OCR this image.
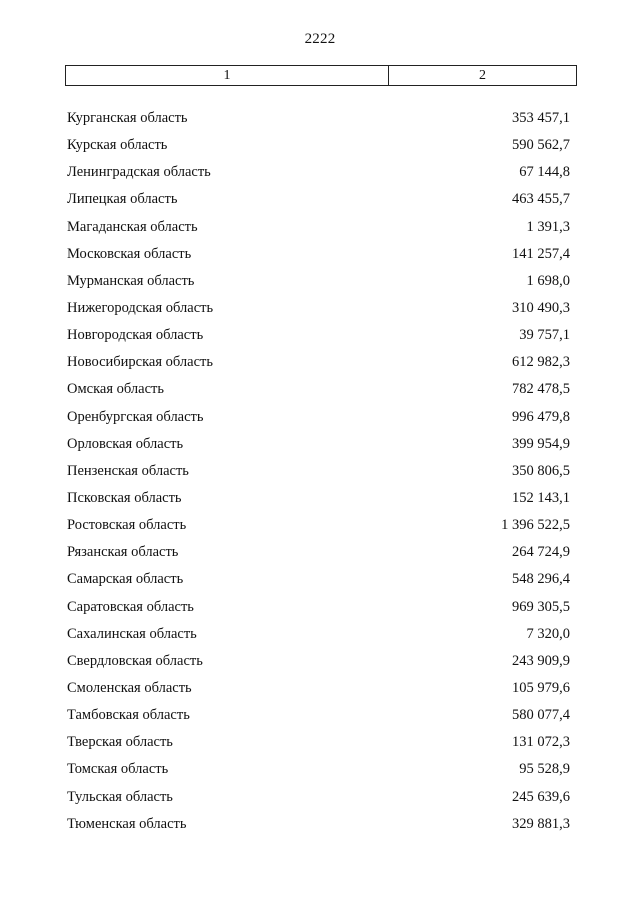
2222
1	2
Курганская область	353 457,1
Курская область	590 562,7
Ленинградская область	67 144,8
Липецкая область	463 455,7
Магаданская область	1 391,3
Московская область	141 257,4
Мурманская область	1 698,0
Нижегородская область	310 490,3
Новгородская область	39 757,1
Новосибирская область	612 982,3
Омская область	782 478,5
Оренбургская область	996 479,8
Орловская область	399 954,9
Пензенская область	350 806,5
Псковская область	152 143,1
Ростовская область	1 396 522,5
Рязанская область	264 724,9
Самарская область	548 296,4
Саратовская область	969 305,5
Сахалинская область	7 320,0
Свердловская область	243 909,9
Смоленская область	105 979,6
Тамбовская область	580 077,4
Тверская область	131 072,3
Томская область	95 528,9
Тульская область	245 639,6
Тюменская область	329 881,3
